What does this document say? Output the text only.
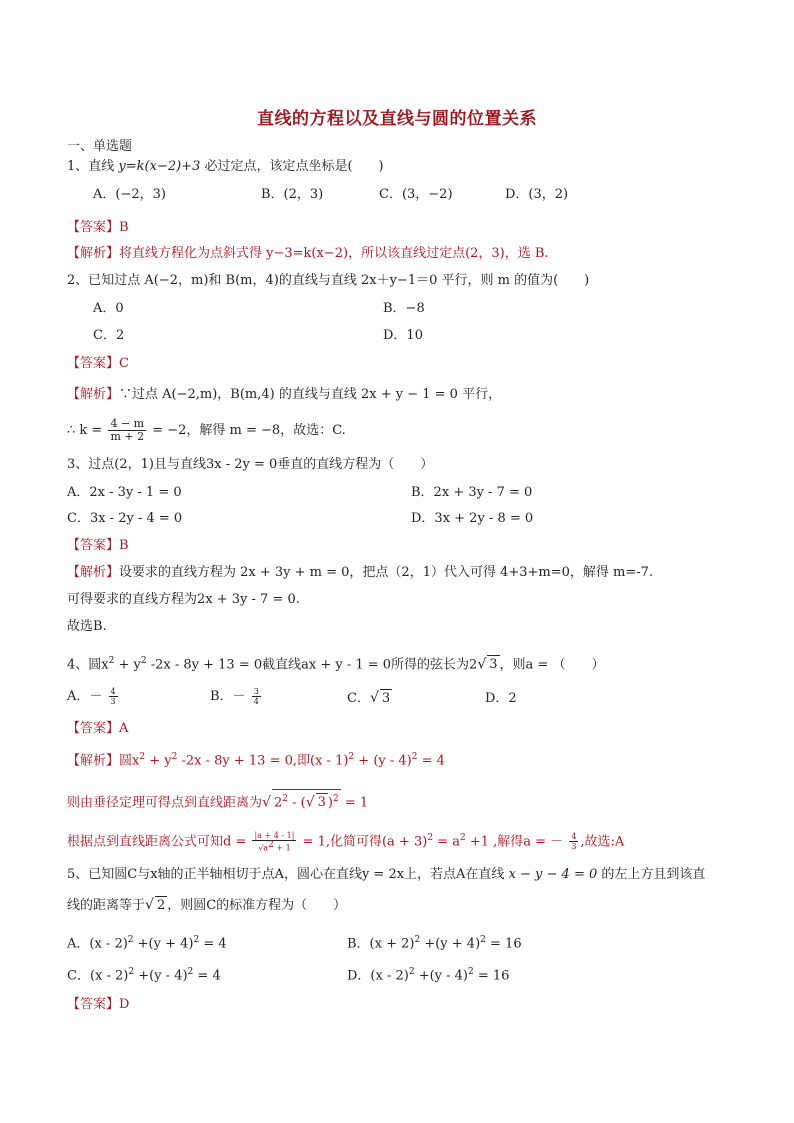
直线的方程以及直线与圆的位置关系
一、单选题
1、直线 y=k(x−2)+3 必过定点，该定点坐标是(　　)
A．(−2，3)	B．(2，3)	C．(3，−2)	D．(3，2)
【答案】B
【解析】将直线方程化为点斜式得 y−3=k(x−2)，所以该直线过定点(2，3)，选 B.
2、已知过点 A(−2，m)和 B(m，4)的直线与直线 2x＋y−1＝0 平行，则 m 的值为(　　)
A．0	B．−8
C．2	D．10
【答案】C
【解析】∵过点 A(−2,m)，B(m,4) 的直线与直线 2x + y − 1 = 0 平行，
∴ $k = \frac{4 - m}{m + 2} = -2$，解得 m = −8，故选：C.
3、过点(2，1)且与直线3x - 2y = 0垂直的直线方程为（　　）
A．2x - 3y - 1 = 0	B．2x + 3y - 7 = 0
C．3x - 2y - 4 = 0	D．3x + 2y - 8 = 0
【答案】B
【解析】设要求的直线方程为 2x + 3y + m = 0，把点（2，1）代入可得 4+3+m=0，解得 m=-7.
可得要求的直线方程为2x + 3y - 7 = 0.
故选B.
4、圆$x^2 + y^2$ -2x - 8y + 13 = 0截直线ax + y - 1 = 0所得的弦长为2√ 3 ，则a = （　　）
A．－ $\frac{4}{3}$	B．－ $\frac{3}{4}$	C．√ 3	D．2
【答案】A
【解析】圆$x^2 + y^2$ -2x - 8y + 13 = 0,即(x - 1)$^2$ + (y - 4)$^2$ = 4
则由垂径定理可得点到直线距离为√ $2^2$ - (√ 3 )$^2$ = 1
根据点到直线距离公式可知$d = \frac{|a + 4 - 1|}{√a^2 + 1} = 1$,化简可得$(a + 3)^2 = a^2 +1$ ,解得a = － $\frac{4}{3}$ ,故选:A
5、已知圆C与x轴的正半轴相切于点A，圆心在直线y = 2x上，若点A在直线 x − y − 4 = 0 的左上方且到该直
线的距离等于√ 2 ，则圆C的标准方程为（　　）
A．$(x - 2)^2 +(y + 4)^2 = 4$	B．$(x + 2)^2 +(y + 4)^2 = 16$
C．(x - 2)$^2$ +(y - 4)$^2$ = 4	D．(x - 2)$^2$ +(y - 4)$^2$ = 16
【答案】D
